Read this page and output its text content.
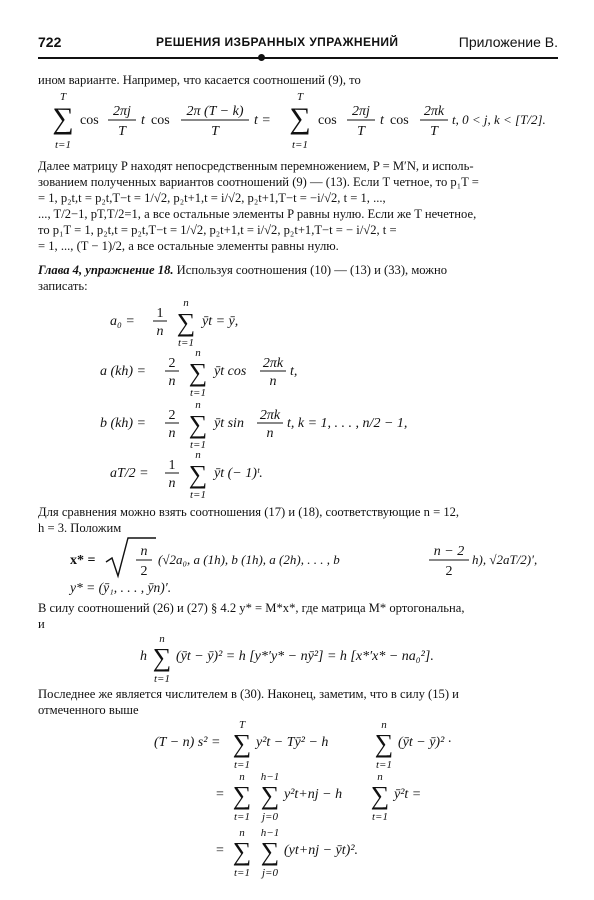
722	РЕШЕНИЯ ИЗБРАННЫХ УПРАЖНЕНИЙ	Приложение В.
ином варианте. Например, что касается соотношений (9), то
T
∑
t=1
cos
2πj
T
t cos
2π (T − k)
T
t =
T
∑
t=1
cos
2πj
T
t cos
2πk
T
t, 0 < j, k < [T/2].
Далее матрицу P находят непосредственным перемножением, P = M′N, и исполь-
зованием полученных вариантов соотношений (9) — (13). Если T четное, то p₁T =
= 1, p₂t,t = p₂t,T−t = 1/√2, p₂t+1,t = i/√2, p₂t+1,T−t = −i/√2, t = 1, ...,
..., T/2−1, pT,T/2=1, а все остальные элементы P равны нулю. Если же T нечетное,
то p₁T = 1, p₂t,t = p₂t,T−t = 1/√2, p₂t+1,t = i/√2, p₂t+1,T−t = − i/√2, t =
= 1, ..., (T − 1)/2, а все остальные элементы равны нулю.
Глава 4, упражнение 18. Используя соотношения (10) — (13) и (33), можно
записать:
a₀ =
1
n
n
∑
t=1
ȳt = ȳ,
a (kh) =
2
n
n
∑
t=1
ȳt cos
2πk
n
t,
b (kh) =
2
n
n
∑
t=1
ȳt sin
2πk
n
t, k = 1, . . . , n/2 − 1,
aT/2 =
1
n
n
∑
t=1
ȳt (− 1)ᵗ.
Для сравнения можно взять соотношения (17) и (18), соответствующие n = 12,
h = 3. Положим
x* =
n
2
(√2a₀, a (1h), b (1h), a (2h), . . . , b
n − 2
2
h), √2aT/2)′,
y* = (ȳ₁, . . . , ȳn)′.
В силу соотношений (26) и (27) § 4.2 y* = M*x*, где матрица M* ортогональна,
и
h
n
∑
t=1
(ȳt − ȳ)² = h [y*′y* − nȳ²] = h [x*′x* − na₀²].
Последнее же является числителем в (30). Наконец, заметим, что в силу (15) и
отмеченного выше
(T − n) s² =
T
∑
t=1
y²t − Tȳ² − h
n
∑
t=1
(ȳt − ȳ)² ·
=
n
∑
t=1
h−1
∑
j=0
y²t+nj − h
n
∑
t=1
ȳ²t =
=
n
∑
t=1
h−1
∑
j=0
(yt+nj − ȳt)².
